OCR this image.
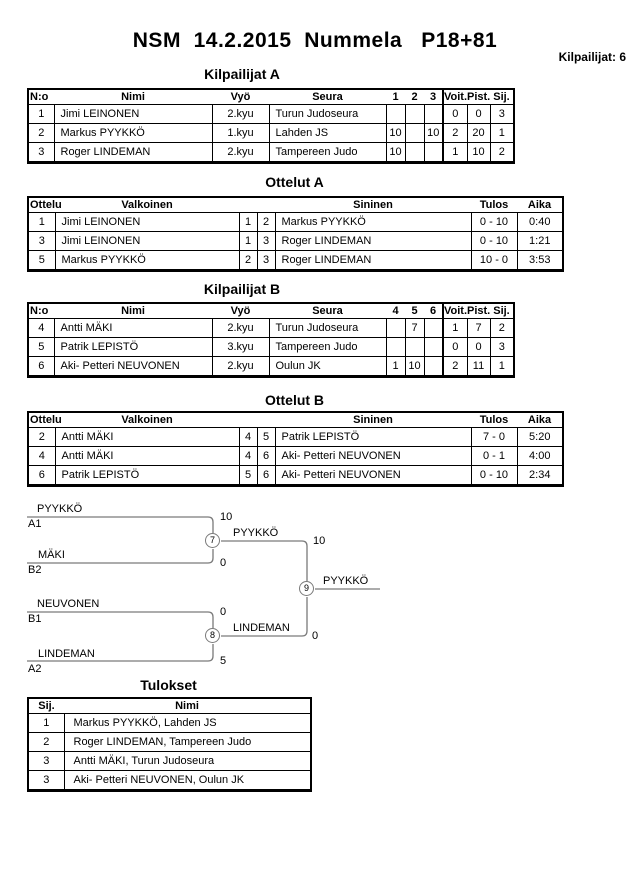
NSM  14.2.2015  Nummela   P18+81
Kilpailijat: 6
Kilpailijat A
N:o	Nimi	Vyö	Seura	1	2	3	Voit.	Pist.	Sij.
1	Jimi LEINONEN	2.kyu	Turun Judoseura				0	0	3
2	Markus PYYKKÖ	1.kyu	Lahden JS	10		10	2	20	1
3	Roger LINDEMAN	2.kyu	Tampereen Judo	10			1	10	2
Ottelut A
Ottelu	Valkoinen			Sininen	Tulos	Aika
1	Jimi LEINONEN	1	2	Markus PYYKKÖ	0 - 10	0:40
3	Jimi LEINONEN	1	3	Roger LINDEMAN	0 - 10	1:21
5	Markus PYYKKÖ	2	3	Roger LINDEMAN	10 - 0	3:53
Kilpailijat B
N:o	Nimi	Vyö	Seura	4	5	6	Voit.	Pist.	Sij.
4	Antti MÄKI	2.kyu	Turun Judoseura		7		1	7	2
5	Patrik LEPISTÖ	3.kyu	Tampereen Judo				0	0	3
6	Aki- Petteri NEUVONEN	2.kyu	Oulun JK	1	10		2	11	1
Ottelut B
Ottelu	Valkoinen			Sininen	Tulos	Aika
2	Antti MÄKI	4	5	Patrik LEPISTÖ	7 - 0	5:20
4	Antti MÄKI	4	6	Aki- Petteri NEUVONEN	0 - 1	4:00
6	Patrik LEPISTÖ	5	6	Aki- Petteri NEUVONEN	0 - 10	2:34
7
8
9
PYYKKÖ
A1
10
MÄKI
B2
0
PYYKKÖ
10
NEUVONEN
B1
0
LINDEMAN
A2
5
LINDEMAN
0
PYYKKÖ
Tulokset
Sij.	Nimi
1	Markus PYYKKÖ, Lahden JS
2	Roger LINDEMAN, Tampereen Judo
3	Antti MÄKI, Turun Judoseura
3	Aki- Petteri NEUVONEN, Oulun JK
